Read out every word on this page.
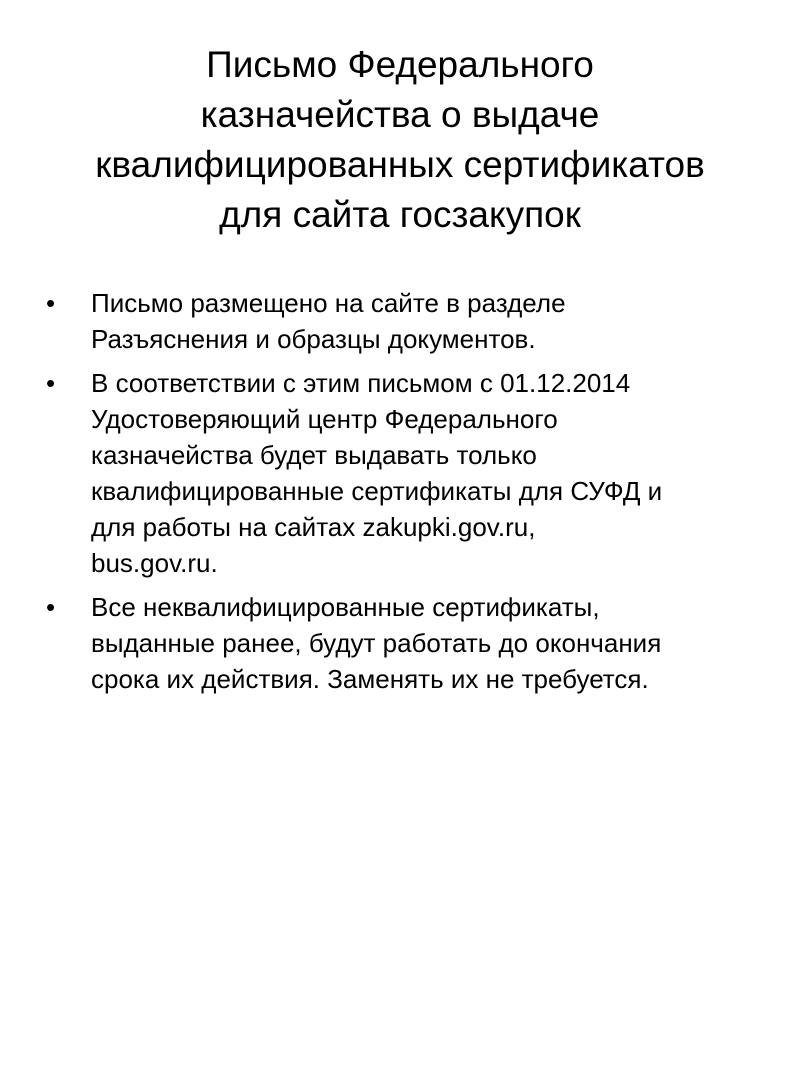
Письмо Федерального
казначейства о выдаче
квалифицированных сертификатов
для сайта госзакупок
• Письмо размещено на сайте в разделе
Разъяснения и образцы документов.
• В соответствии с этим письмом с 01.12.2014
Удостоверяющий центр Федерального
казначейства будет выдавать только
квалифицированные сертификаты для СУФД и
для работы на сайтах zakupki.gov.ru,
bus.gov.ru.
• Все неквалифицированные сертификаты,
выданные ранее, будут работать до окончания
срока их действия. Заменять их не требуется.
